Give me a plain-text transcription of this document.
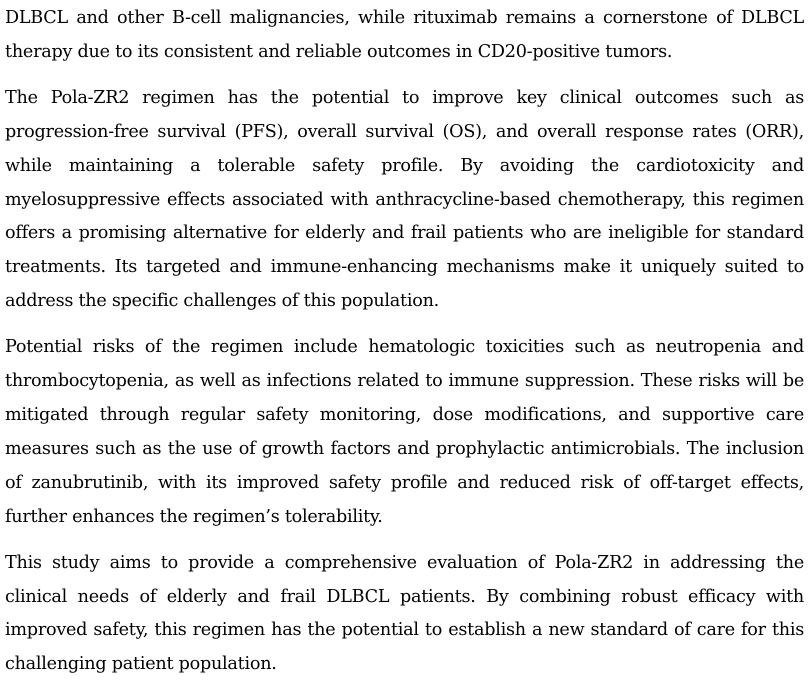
DLBCL and other B-cell malignancies, while rituximab remains a cornerstone of DLBCL therapy due to its consistent and reliable outcomes in CD20-positive tumors.

The Pola-ZR2 regimen has the potential to improve key clinical outcomes such as progression-free survival (PFS), overall survival (OS), and overall response rates (ORR), while maintaining a tolerable safety profile. By avoiding the cardiotoxicity and myelosuppressive effects associated with anthracycline-based chemotherapy, this regimen offers a promising alternative for elderly and frail patients who are ineligible for standard treatments. Its targeted and immune-enhancing mechanisms make it uniquely suited to address the specific challenges of this population.

Potential risks of the regimen include hematologic toxicities such as neutropenia and thrombocytopenia, as well as infections related to immune suppression. These risks will be mitigated through regular safety monitoring, dose modifications, and supportive care measures such as the use of growth factors and prophylactic antimicrobials. The inclusion of zanubrutinib, with its improved safety profile and reduced risk of off-target effects, further enhances the regimen’s tolerability.

This study aims to provide a comprehensive evaluation of Pola-ZR2 in addressing the clinical needs of elderly and frail DLBCL patients. By combining robust efficacy with improved safety, this regimen has the potential to establish a new standard of care for this challenging patient population.
